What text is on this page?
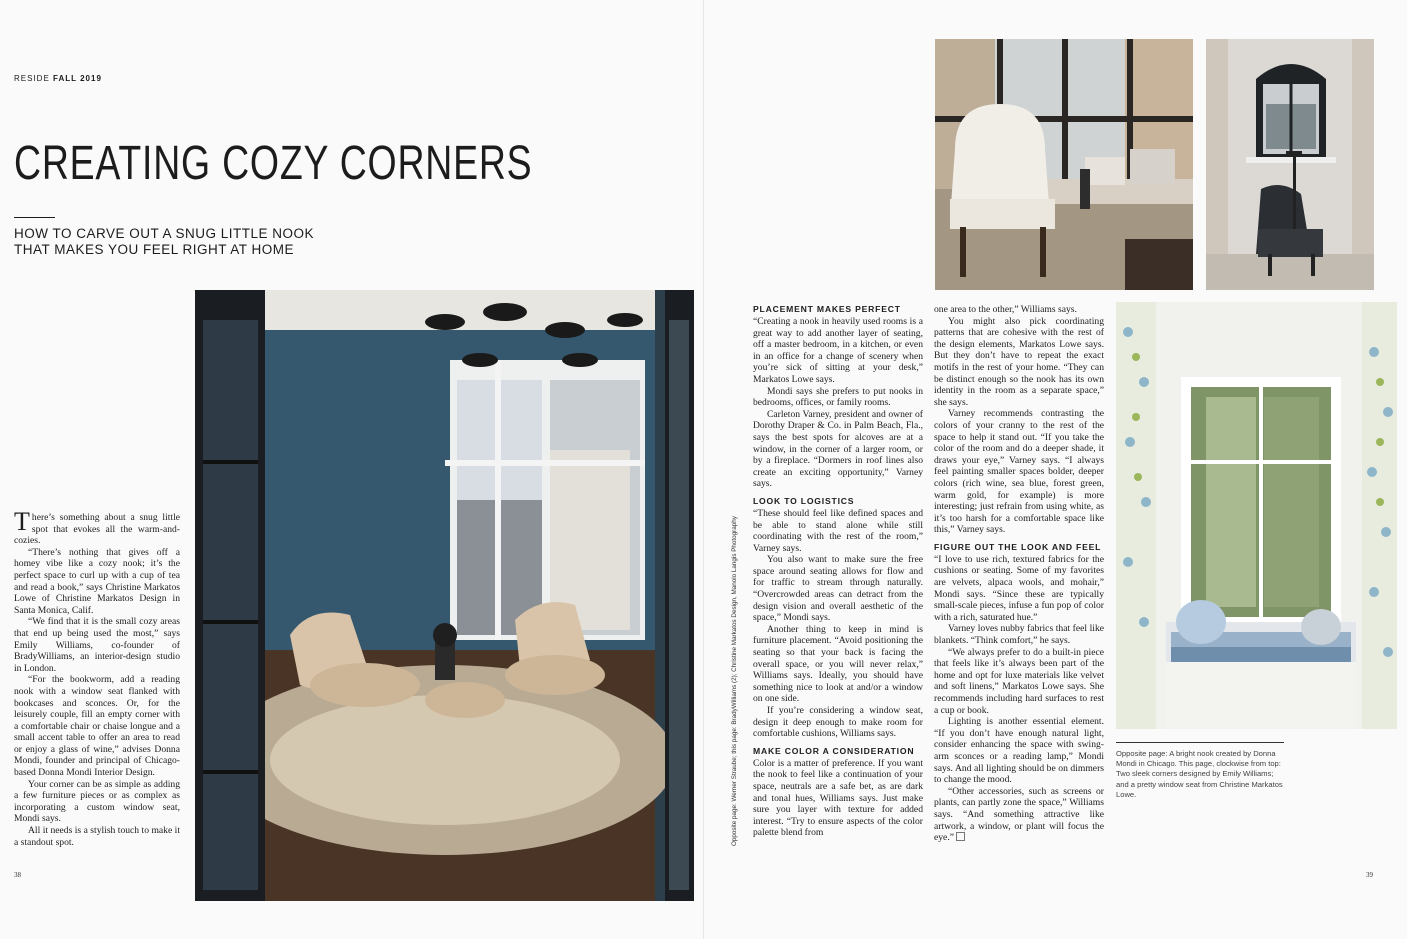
RESIDE FALL 2019
CREATING COZY CORNERS
HOW TO CARVE OUT A SNUG LITTLE NOOK THAT MAKES YOU FEEL RIGHT AT HOME

There’s something about a snug little spot that evokes all the warm-and-cozies.

“There’s nothing that gives off a homey vibe like a cozy nook; it’s the perfect space to curl up with a cup of tea and read a book,” says Christine Markatos Lowe of Christine Markatos Design in Santa Monica, Calif.

“We find that it is the small cozy areas that end up being used the most,” says Emily Williams, co-founder of BradyWilliams, an interior-design studio in London.

“For the bookworm, add a reading nook with a window seat flanked with bookcases and sconces. Or, for the leisurely couple, fill an empty corner with a comfortable chair or chaise longue and a small accent table to offer an area to read or enjoy a glass of wine,” advises Donna Mondi, founder and principal of Chicago-based Donna Mondi Interior Design.

Your corner can be as simple as adding a few furniture pieces or as complex as incorporating a custom window seat, Mondi says.

All it needs is a stylish touch to make it a standout spot.

38
Opposite page: Werner Straube; this page: BradyWilliams (2); Christine Markatos Design, Manolo Langis Photography
PLACEMENT MAKES PERFECT

“Creating a nook in heavily used rooms is a great way to add another layer of seating, off a master bedroom, in a kitchen, or even in an office for a change of scenery when you’re sick of sitting at your desk,” Markatos Lowe says.

Mondi says she prefers to put nooks in bedrooms, offices, or family rooms.

Carleton Varney, president and owner of Dorothy Draper & Co. in Palm Beach, Fla., says the best spots for alcoves are at a window, in the corner of a larger room, or by a fireplace. “Dormers in roof lines also create an exciting opportunity,” Varney says.

LOOK TO LOGISTICS

“These should feel like defined spaces and be able to stand alone while still coordinating with the rest of the room,” Varney says.

You also want to make sure the free space around seating allows for flow and for traffic to stream through naturally. “Overcrowded areas can detract from the design vision and overall aesthetic of the space,” Mondi says.

Another thing to keep in mind is furniture placement. “Avoid positioning the seating so that your back is facing the overall space, or you will never relax,” Williams says. Ideally, you should have something nice to look at and/or a window on one side.

If you’re considering a window seat, design it deep enough to make room for comfortable cushions, Williams says.

MAKE COLOR A CONSIDERATION

Color is a matter of preference. If you want the nook to feel like a continuation of your space, neutrals are a safe bet, as are dark and tonal hues, Williams says. Just make sure you layer with texture for added interest. “Try to ensure aspects of the color palette blend from

one area to the other,” Williams says.

You might also pick coordinating patterns that are cohesive with the rest of the design elements, Markatos Lowe says. But they don’t have to repeat the exact motifs in the rest of your home. “They can be distinct enough so the nook has its own identity in the room as a separate space,” she says.

Varney recommends contrasting the colors of your cranny to the rest of the space to help it stand out. “If you take the color of the room and do a deeper shade, it draws your eye,” Varney says. “I always feel painting smaller spaces bolder, deeper colors (rich wine, sea blue, forest green, warm gold, for example) is more interesting; just refrain from using white, as it’s too harsh for a comfortable space like this,” Varney says.

FIGURE OUT THE LOOK AND FEEL

“I love to use rich, textured fabrics for the cushions or seating. Some of my favorites are velvets, alpaca wools, and mohair,” Mondi says. “Since these are typically small-scale pieces, infuse a fun pop of color with a rich, saturated hue.”

Varney loves nubby fabrics that feel like blankets. “Think comfort,” he says.

“We always prefer to do a built-in piece that feels like it’s always been part of the home and opt for luxe materials like velvet and soft linens,” Markatos Lowe says. She recommends including hard surfaces to rest a cup or book.

Lighting is another essential element. “If you don’t have enough natural light, consider enhancing the space with swing-arm sconces or a reading lamp,” Mondi says. And all lighting should be on dimmers to change the mood.

“Other accessories, such as screens or plants, can partly zone the space,” Williams says. “And something attractive like artwork, a window, or plant will focus the eye.”

Opposite page: A bright nook created by Donna Mondi in Chicago. This page, clockwise from top: Two sleek corners designed by Emily Williams; and a pretty window seat from Christine Markatos Lowe.
39
